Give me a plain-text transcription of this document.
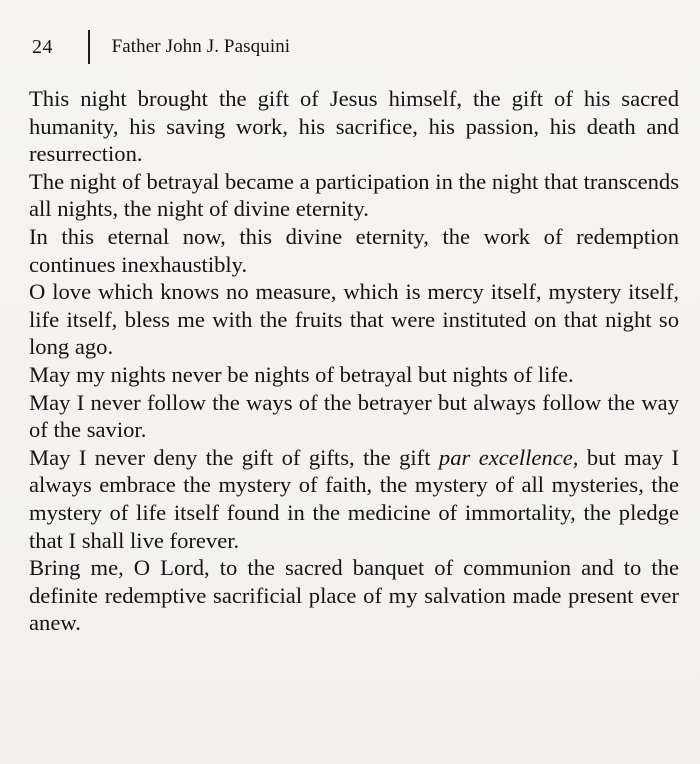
24	Father John J. Pasquini

This night brought the gift of Jesus himself, the gift of his sacred humanity, his saving work, his sacrifice, his passion, his death and resurrection.

The night of betrayal became a participation in the night that transcends all nights, the night of divine eternity.

In this eternal now, this divine eternity, the work of redemption continues inexhaustibly.

O love which knows no measure, which is mercy itself, mystery itself, life itself, bless me with the fruits that were instituted on that night so long ago.

May my nights never be nights of betrayal but nights of life.

May I never follow the ways of the betrayer but always follow the way of the savior.

May I never deny the gift of gifts, the gift par excellence, but may I always embrace the mystery of faith, the mystery of all mysteries, the mystery of life itself found in the medicine of immortality, the pledge that I shall live forever.

Bring me, O Lord, to the sacred banquet of communion and to the definite redemptive sacrificial place of my salvation made present ever anew.
